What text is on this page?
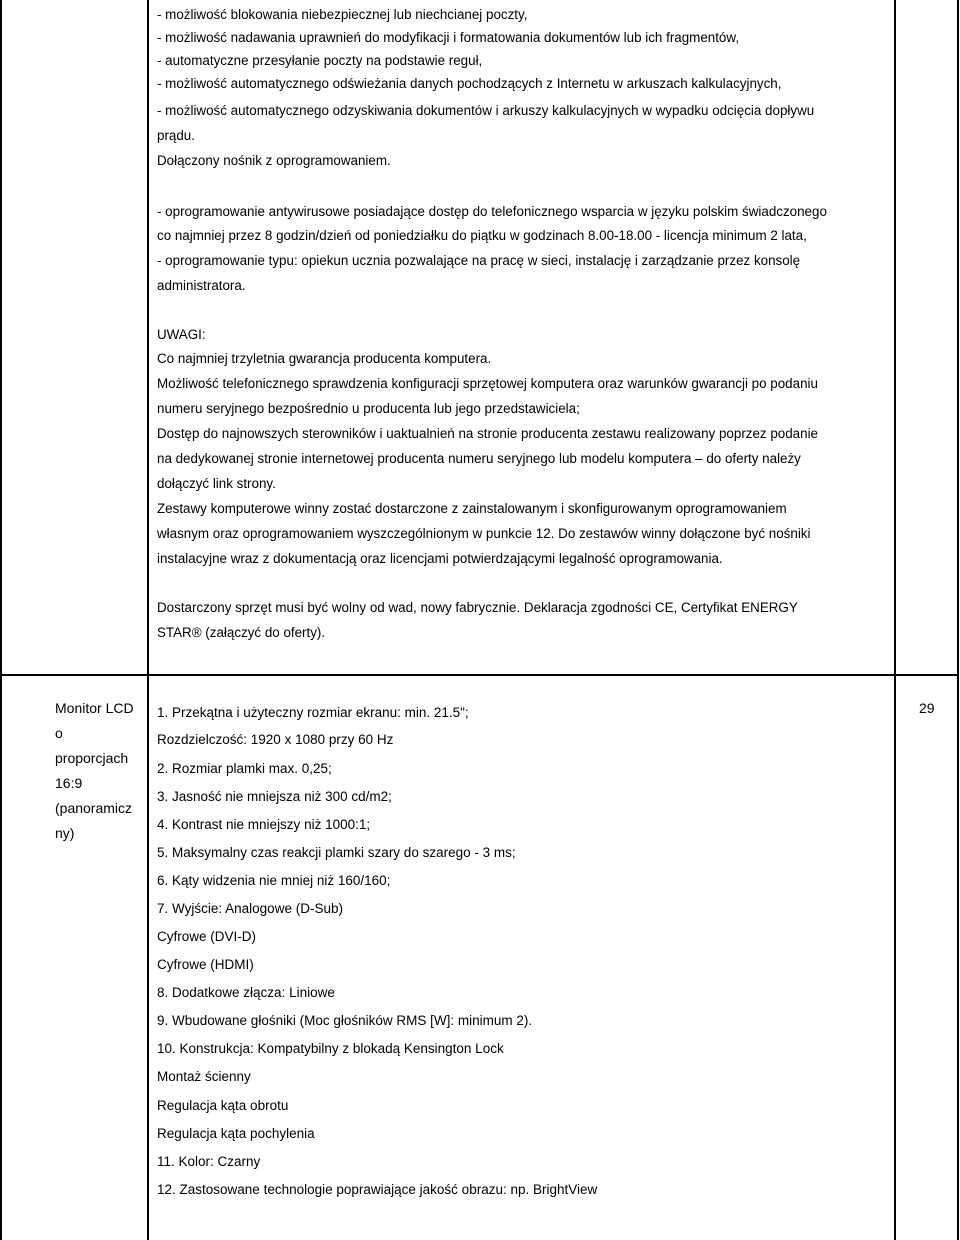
- możliwość blokowania niebezpiecznej lub niechcianej poczty,
- możliwość nadawania uprawnień do modyfikacji i formatowania dokumentów lub ich fragmentów,
- automatyczne przesyłanie poczty na podstawie reguł,
- możliwość automatycznego odświeżania danych pochodzących z Internetu w arkuszach kalkulacyjnych,
- możliwość automatycznego odzyskiwania dokumentów i arkuszy kalkulacyjnych w wypadku odcięcia dopływu
prądu.
Dołączony nośnik z oprogramowaniem.
- oprogramowanie antywirusowe posiadające dostęp do telefonicznego wsparcia w języku polskim świadczonego
co najmniej przez 8 godzin/dzień od poniedziałku do piątku w godzinach 8.00-18.00 - licencja minimum 2 lata,
- oprogramowanie typu: opiekun ucznia pozwalające na pracę w sieci, instalację i zarządzanie przez konsolę
administratora.
UWAGI:
Co najmniej trzyletnia gwarancja producenta komputera.
Możliwość telefonicznego sprawdzenia konfiguracji sprzętowej komputera oraz warunków gwarancji po podaniu
numeru seryjnego bezpośrednio u producenta lub jego przedstawiciela;
Dostęp do najnowszych sterowników i uaktualnień na stronie producenta zestawu realizowany poprzez podanie
na dedykowanej stronie internetowej producenta numeru seryjnego lub modelu komputera – do oferty należy
dołączyć link strony.
Zestawy komputerowe winny zostać dostarczone z zainstalowanym i skonfigurowanym oprogramowaniem
własnym oraz oprogramowaniem wyszczególnionym w punkcie 12. Do zestawów winny dołączone być nośniki
instalacyjne wraz z dokumentacją oraz licencjami potwierdzającymi legalność oprogramowania.
Dostarczony sprzęt musi być wolny od wad, nowy fabrycznie. Deklaracja zgodności CE, Certyfikat ENERGY
STAR® (załączyć do oferty).
Monitor LCD
o
proporcjach
16:9
(panoramicz
ny)
1. Przekątna i użyteczny rozmiar ekranu: min. 21.5";
Rozdzielczość: 1920 x 1080 przy 60 Hz
2. Rozmiar plamki max. 0,25;
3. Jasność nie mniejsza niż 300 cd/m2;
4. Kontrast nie mniejszy niż 1000:1;
5. Maksymalny czas reakcji plamki szary do szarego - 3 ms;
6. Kąty widzenia nie mniej niż 160/160;
7. Wyjście: Analogowe (D-Sub)
Cyfrowe (DVI-D)
Cyfrowe (HDMI)
8. Dodatkowe złącza: Liniowe
9. Wbudowane głośniki (Moc głośników RMS [W]: minimum 2).
10. Konstrukcja: Kompatybilny z blokadą Kensington Lock
Montaż ścienny
Regulacja kąta obrotu
Regulacja kąta pochylenia
11. Kolor: Czarny
12. Zastosowane technologie poprawiające jakość obrazu: np. BrightView
29
